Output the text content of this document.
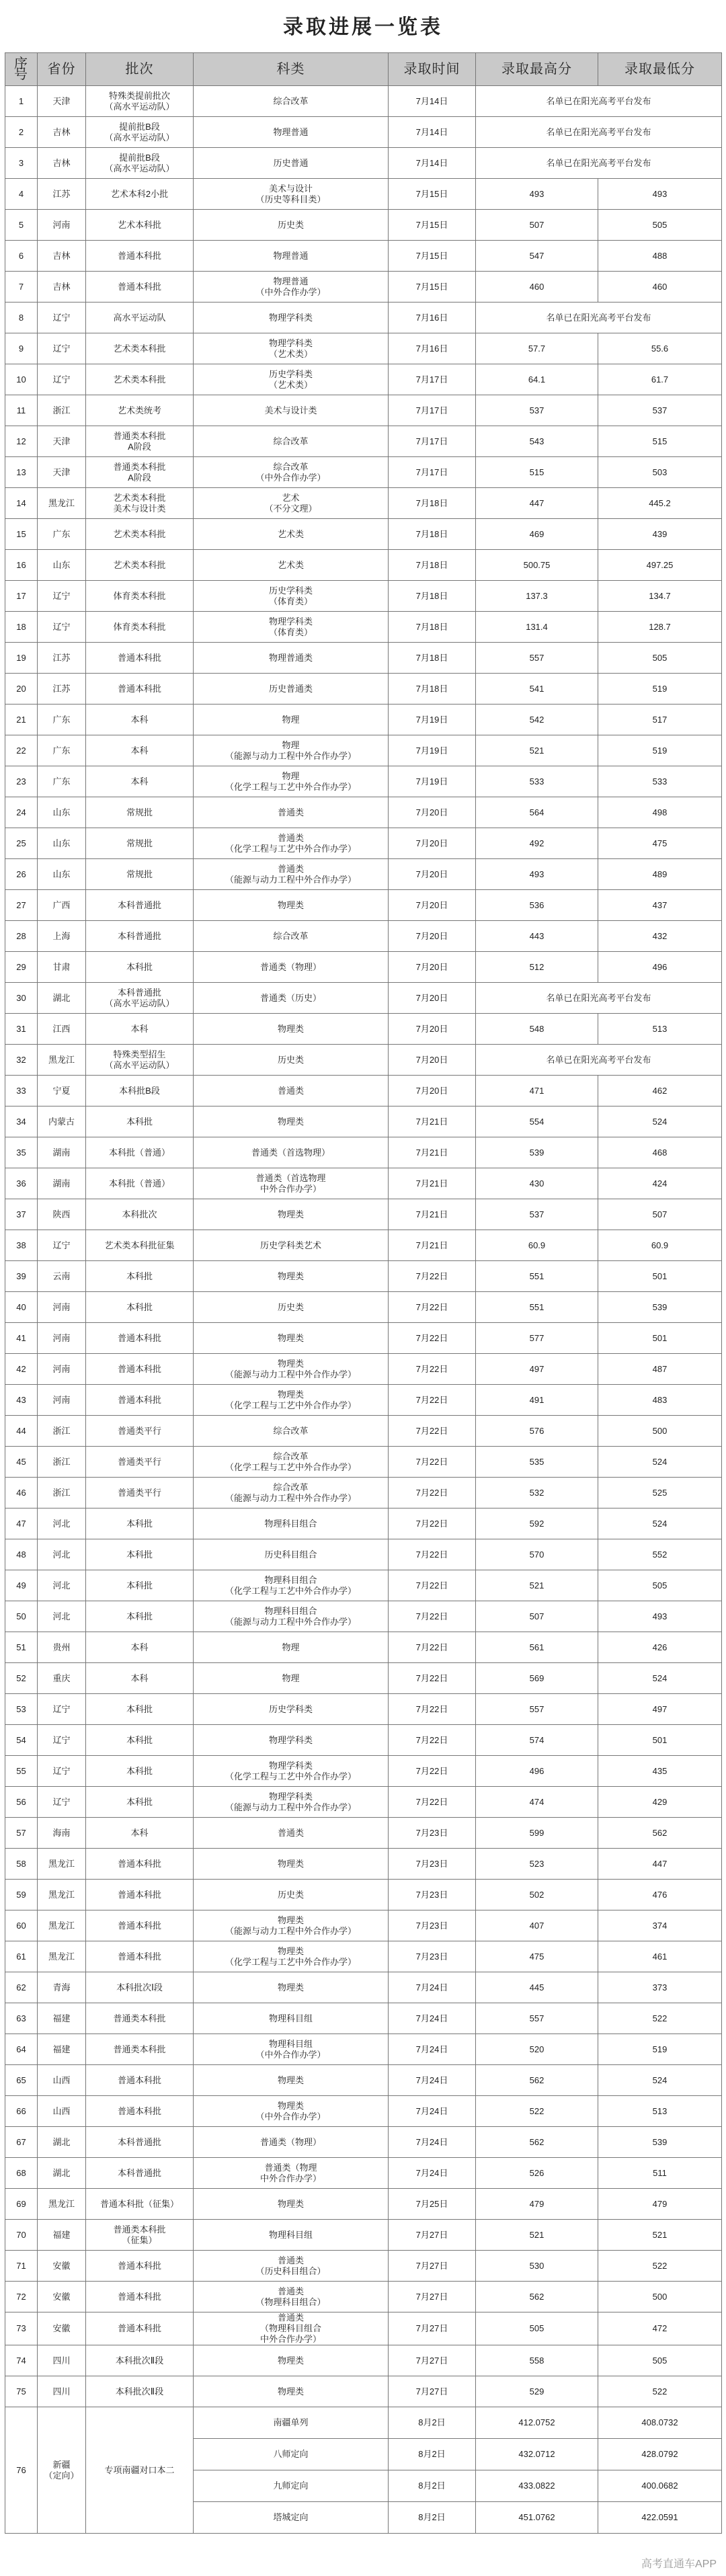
录取进展一览表
序号	省份	批次	科类	录取时间	录取最高分	录取最低分
1	天津	特殊类提前批次
（高水平运动队）	综合改革	7月14日	名单已在阳光高考平台发布	
2	吉林	提前批B段
（高水平运动队）	物理普通	7月14日	名单已在阳光高考平台发布	
3	吉林	提前批B段
（高水平运动队）	历史普通	7月14日	名单已在阳光高考平台发布	
4	江苏	艺术本科2小批	美术与设计
（历史等科目类）	7月15日	493	493
5	河南	艺术本科批	历史类	7月15日	507	505
6	吉林	普通本科批	物理普通	7月15日	547	488
7	吉林	普通本科批	物理普通
（中外合作办学）	7月15日	460	460
8	辽宁	高水平运动队	物理学科类	7月16日	名单已在阳光高考平台发布	
9	辽宁	艺术类本科批	物理学科类
（艺术类）	7月16日	57.7	55.6
10	辽宁	艺术类本科批	历史学科类
（艺术类）	7月17日	64.1	61.7
11	浙江	艺术类统考	美术与设计类	7月17日	537	537
12	天津	普通类本科批
A阶段	综合改革	7月17日	543	515
13	天津	普通类本科批
A阶段	综合改革
（中外合作办学）	7月17日	515	503
14	黑龙江	艺术类本科批
美术与设计类	艺术
（不分文理）	7月18日	447	445.2
15	广东	艺术类本科批	艺术类	7月18日	469	439
16	山东	艺术类本科批	艺术类	7月18日	500.75	497.25
17	辽宁	体育类本科批	历史学科类
（体育类）	7月18日	137.3	134.7
18	辽宁	体育类本科批	物理学科类
（体育类）	7月18日	131.4	128.7
19	江苏	普通本科批	物理普通类	7月18日	557	505
20	江苏	普通本科批	历史普通类	7月18日	541	519
21	广东	本科	物理	7月19日	542	517
22	广东	本科	物理
（能源与动力工程中外合作办学）	7月19日	521	519
23	广东	本科	物理
（化学工程与工艺中外合作办学）	7月19日	533	533
24	山东	常规批	普通类	7月20日	564	498
25	山东	常规批	普通类
（化学工程与工艺中外合作办学）	7月20日	492	475
26	山东	常规批	普通类
（能源与动力工程中外合作办学）	7月20日	493	489
27	广西	本科普通批	物理类	7月20日	536	437
28	上海	本科普通批	综合改革	7月20日	443	432
29	甘肃	本科批	普通类（物理）	7月20日	512	496
30	湖北	本科普通批
（高水平运动队）	普通类（历史）	7月20日	名单已在阳光高考平台发布	
31	江西	本科	物理类	7月20日	548	513
32	黑龙江	特殊类型招生
（高水平运动队）	历史类	7月20日	名单已在阳光高考平台发布	
33	宁夏	本科批B段	普通类	7月20日	471	462
34	内蒙古	本科批	物理类	7月21日	554	524
35	湖南	本科批（普通）	普通类（首选物理）	7月21日	539	468
36	湖南	本科批（普通）	普通类（首选物理
中外合作办学）	7月21日	430	424
37	陕西	本科批次	物理类	7月21日	537	507
38	辽宁	艺术类本科批征集	历史学科类艺术	7月21日	60.9	60.9
39	云南	本科批	物理类	7月22日	551	501
40	河南	本科批	历史类	7月22日	551	539
41	河南	普通本科批	物理类	7月22日	577	501
42	河南	普通本科批	物理类
（能源与动力工程中外合作办学）	7月22日	497	487
43	河南	普通本科批	物理类
（化学工程与工艺中外合作办学）	7月22日	491	483
44	浙江	普通类平行	综合改革	7月22日	576	500
45	浙江	普通类平行	综合改革
（化学工程与工艺中外合作办学）	7月22日	535	524
46	浙江	普通类平行	综合改革
（能源与动力工程中外合作办学）	7月22日	532	525
47	河北	本科批	物理科目组合	7月22日	592	524
48	河北	本科批	历史科目组合	7月22日	570	552
49	河北	本科批	物理科目组合
（化学工程与工艺中外合作办学）	7月22日	521	505
50	河北	本科批	物理科目组合
（能源与动力工程中外合作办学）	7月22日	507	493
51	贵州	本科	物理	7月22日	561	426
52	重庆	本科	物理	7月22日	569	524
53	辽宁	本科批	历史学科类	7月22日	557	497
54	辽宁	本科批	物理学科类	7月22日	574	501
55	辽宁	本科批	物理学科类
（化学工程与工艺中外合作办学）	7月22日	496	435
56	辽宁	本科批	物理学科类
（能源与动力工程中外合作办学）	7月22日	474	429
57	海南	本科	普通类	7月23日	599	562
58	黑龙江	普通本科批	物理类	7月23日	523	447
59	黑龙江	普通本科批	历史类	7月23日	502	476
60	黑龙江	普通本科批	物理类
（能源与动力工程中外合作办学）	7月23日	407	374
61	黑龙江	普通本科批	物理类
（化学工程与工艺中外合作办学）	7月23日	475	461
62	青海	本科批次Ⅰ段	物理类	7月24日	445	373
63	福建	普通类本科批	物理科目组	7月24日	557	522
64	福建	普通类本科批	物理科目组
（中外合作办学）	7月24日	520	519
65	山西	普通本科批	物理类	7月24日	562	524
66	山西	普通本科批	物理类
（中外合作办学）	7月24日	522	513
67	湖北	本科普通批	普通类（物理）	7月24日	562	539
68	湖北	本科普通批	普通类（物理
中外合作办学）	7月24日	526	511
69	黑龙江	普通本科批（征集）	物理类	7月25日	479	479
70	福建	普通类本科批
（征集）	物理科目组	7月27日	521	521
71	安徽	普通本科批	普通类
（历史科目组合）	7月27日	530	522
72	安徽	普通本科批	普通类
（物理科目组合）	7月27日	562	500
73	安徽	普通本科批	普通类
（物理科目组合
中外合作办学）	7月27日	505	472
74	四川	本科批次Ⅱ段	物理类	7月27日	558	505
75	四川	本科批次Ⅱ段	物理类	7月27日	529	522
76	新疆
（定向）	专项南疆对口本二	南疆单列	8月2日	412.0752	408.0732
			八师定向	8月2日	432.0712	428.0792
			九师定向	8月2日	433.0822	400.0682
			塔城定向	8月2日	451.0762	422.0591
高考直通车APP
